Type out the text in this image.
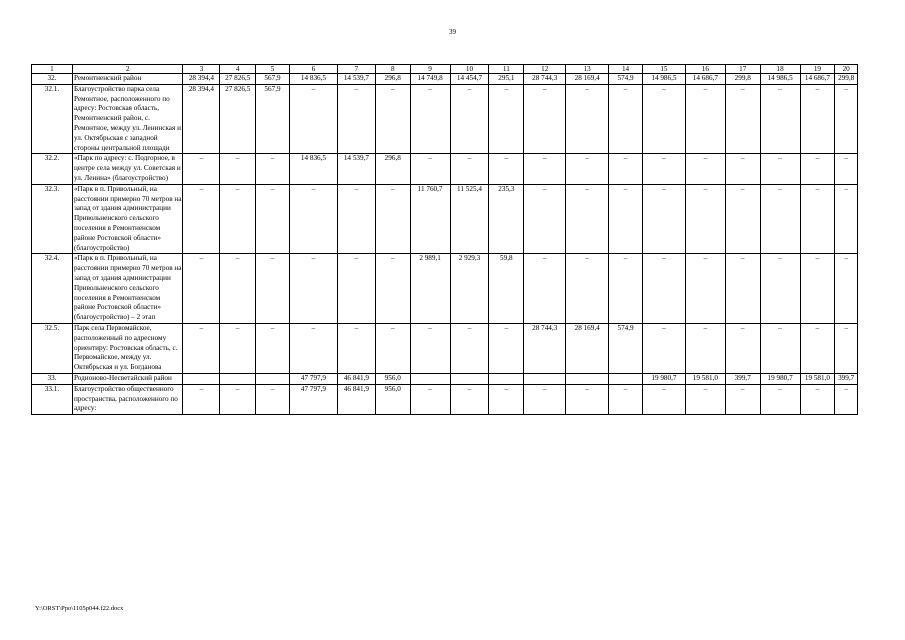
39
1	2	3	4	5	6	7	8	9	10	11	12	13	14	15	16	17	18	19	20
32.	Ремонтненский район	28 394,4	27 826,5	567,9	14 836,5	14 539,7	296,8	14 749,8	14 454,7	295,1	28 744,3	28 169,4	574,9	14 986,5	14 686,7	299,8	14 986,5	14 686,7	299,8
32.1.	Благоустройство парка села Ремонтное, расположенного по адресу: Ростовская область, Ремонтненский район, с. Ремонтное, между ул. Ленинская и ул. Октябрьская с западной стороны центральной площади	28 394,4	27 826,5	567,9	–	–	–	–	–	–	–	–	–	–	–	–	–	–	–
32.2.	«Парк по адресу: с. Подгорное, в центре села между ул. Советская и ул. Ленина» (благоустройство)	–	–	–	14 836,5	14 539,7	296,8	–	–	–	–	–	–	–	–	–	–	–	–
32.3.	«Парк в п. Привольный, на расстоянии примерно 70 метров на запад от здания администрации Привольненского сельского поселения в Ремонтненском районе Ростовской области» (благоустройство)	–	–	–	–	–	–	11 760,7	11 525,4	235,3	–	–	–	–	–	–	–	–	–
32.4.	«Парк в п. Привольный, на расстоянии примерно 70 метров на запад от здания администрации Привольненского сельского поселения в Ремонтненском районе Ростовской области» (благоустройство) – 2 этап	–	–	–	–	–	–	2 989,1	2 929,3	59,8	–	–	–	–	–	–	–	–	–
32.5.	Парк села Первомайское, расположенный по адресному ориентиру: Ростовская область, с. Первомайское, между ул. Октябрьская и ул. Богданова	–	–	–	–	–	–	–	–	–	28 744,3	28 169,4	574,9	–	–	–	–	–	–
33.	Родионово-Несветайский район				47 797,9	46 841,9	956,0							19 980,7	19 581,0	399,7	19 980,7	19 581,0	399,7
33.1.	Благоустройство общественного пространства, расположенного по адресу:	–	–	–	47 797,9	46 841,9	956,0	–	–	–	–	–	–	–	–	–	–	–	–
Y:\ORST\Ppo\1105p044.f22.docx
